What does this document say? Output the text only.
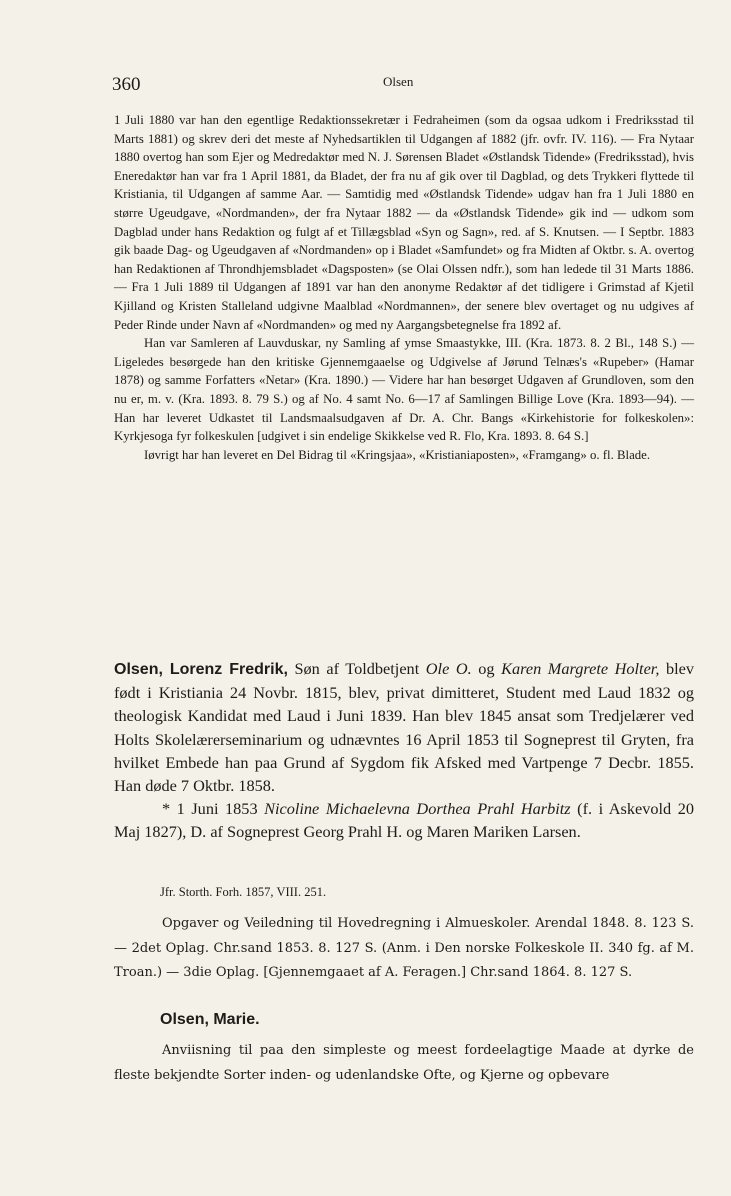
360	Olsen

1 Juli 1880 var han den egentlige Redaktionssekretær i Fedraheimen (som da ogsaa udkom i Fredriksstad til Marts 1881) og skrev deri det meste af Nyhedsartiklen til Udgangen af 1882 (jfr. ovfr. IV. 116). — Fra Nytaar 1880 overtog han som Ejer og Medredaktør med N. J. Sørensen Bladet «Østlandsk Tidende» (Fredriksstad), hvis Eneredaktør han var fra 1 April 1881, da Bladet, der fra nu af gik over til Dagblad, og dets Trykkeri flyttede til Kristiania, til Udgangen af samme Aar. — Samtidig med «Østlandsk Tidende» udgav han fra 1 Juli 1880 en større Ugeudgave, «Nordmanden», der fra Nytaar 1882 — da «Østlandsk Tidende» gik ind — udkom som Dagblad under hans Redaktion og fulgt af et Tillægsblad «Syn og Sagn», red. af S. Knutsen. — I Septbr. 1883 gik baade Dag- og Ugeudgaven af «Nordmanden» op i Bladet «Samfundet» og fra Midten af Oktbr. s. A. overtog han Redaktionen af Throndhjemsbladet «Dagsposten» (se Olai Olssen ndfr.), som han ledede til 31 Marts 1886. — Fra 1 Juli 1889 til Udgangen af 1891 var han den anonyme Redaktør af det tidligere i Grimstad af Kjetil Kjilland og Kristen Stalleland udgivne Maalblad «Nordmannen», der senere blev overtaget og nu udgives af Peder Rinde under Navn af «Nordmanden» og med ny Aargangsbetegnelse fra 1892 af.

Han var Samleren af Lauvduskar, ny Samling af ymse Smaastykke, III. (Kra. 1873. 8. 2 Bl., 148 S.) — Ligeledes besørgede han den kritiske Gjennemgaaelse og Udgivelse af Jørund Telnæs's «Rupeber» (Hamar 1878) og samme Forfatters «Netar» (Kra. 1890.) — Videre har han besørget Udgaven af Grundloven, som den nu er, m. v. (Kra. 1893. 8. 79 S.) og af No. 4 samt No. 6—17 af Samlingen Billige Love (Kra. 1893—94). — Han har leveret Udkastet til Landsmaalsudgaven af Dr. A. Chr. Bangs «Kirkehistorie for folkeskolen»: Kyrkjesoga fyr folkeskulen [udgivet i sin endelige Skikkelse ved R. Flo, Kra. 1893. 8. 64 S.]

Iøvrigt har han leveret en Del Bidrag til «Kringsjaa», «Kristianiaposten», «Framgang» o. fl. Blade.

Olsen, Lorenz Fredrik, Søn af Toldbetjent Ole O. og Karen Margrete Holter, blev født i Kristiania 24 Novbr. 1815, blev, privat dimitteret, Student med Laud 1832 og theologisk Kandidat med Laud i Juni 1839. Han blev 1845 ansat som Tredjelærer ved Holts Skolelærerseminarium og udnævntes 16 April 1853 til Sogneprest til Gryten, fra hvilket Embede han paa Grund af Sygdom fik Afsked med Vartpenge 7 Decbr. 1855. Han døde 7 Oktbr. 1858.

* 1 Juni 1853 Nicoline Michaelevna Dorthea Prahl Harbitz (f. i Askevold 20 Maj 1827), D. af Sogneprest Georg Prahl H. og Maren Mariken Larsen.

Jfr. Storth. Forh. 1857, VIII. 251.

Opgaver og Veiledning til Hovedregning i Almueskoler. Arendal 1848. 8. 123 S. — 2det Oplag. Chr.sand 1853. 8. 127 S. (Anm. i Den norske Folkeskole II. 340 fg. af M. Troan.) — 3die Oplag. [Gjennemgaaet af A. Feragen.] Chr.sand 1864. 8. 127 S.

Olsen, Marie.

Anviisning til paa den simpleste og meest fordeelagtige Maade at dyrke de fleste bekjendte Sorter inden- og udenlandske Ofte, og Kjerne og opbevare
